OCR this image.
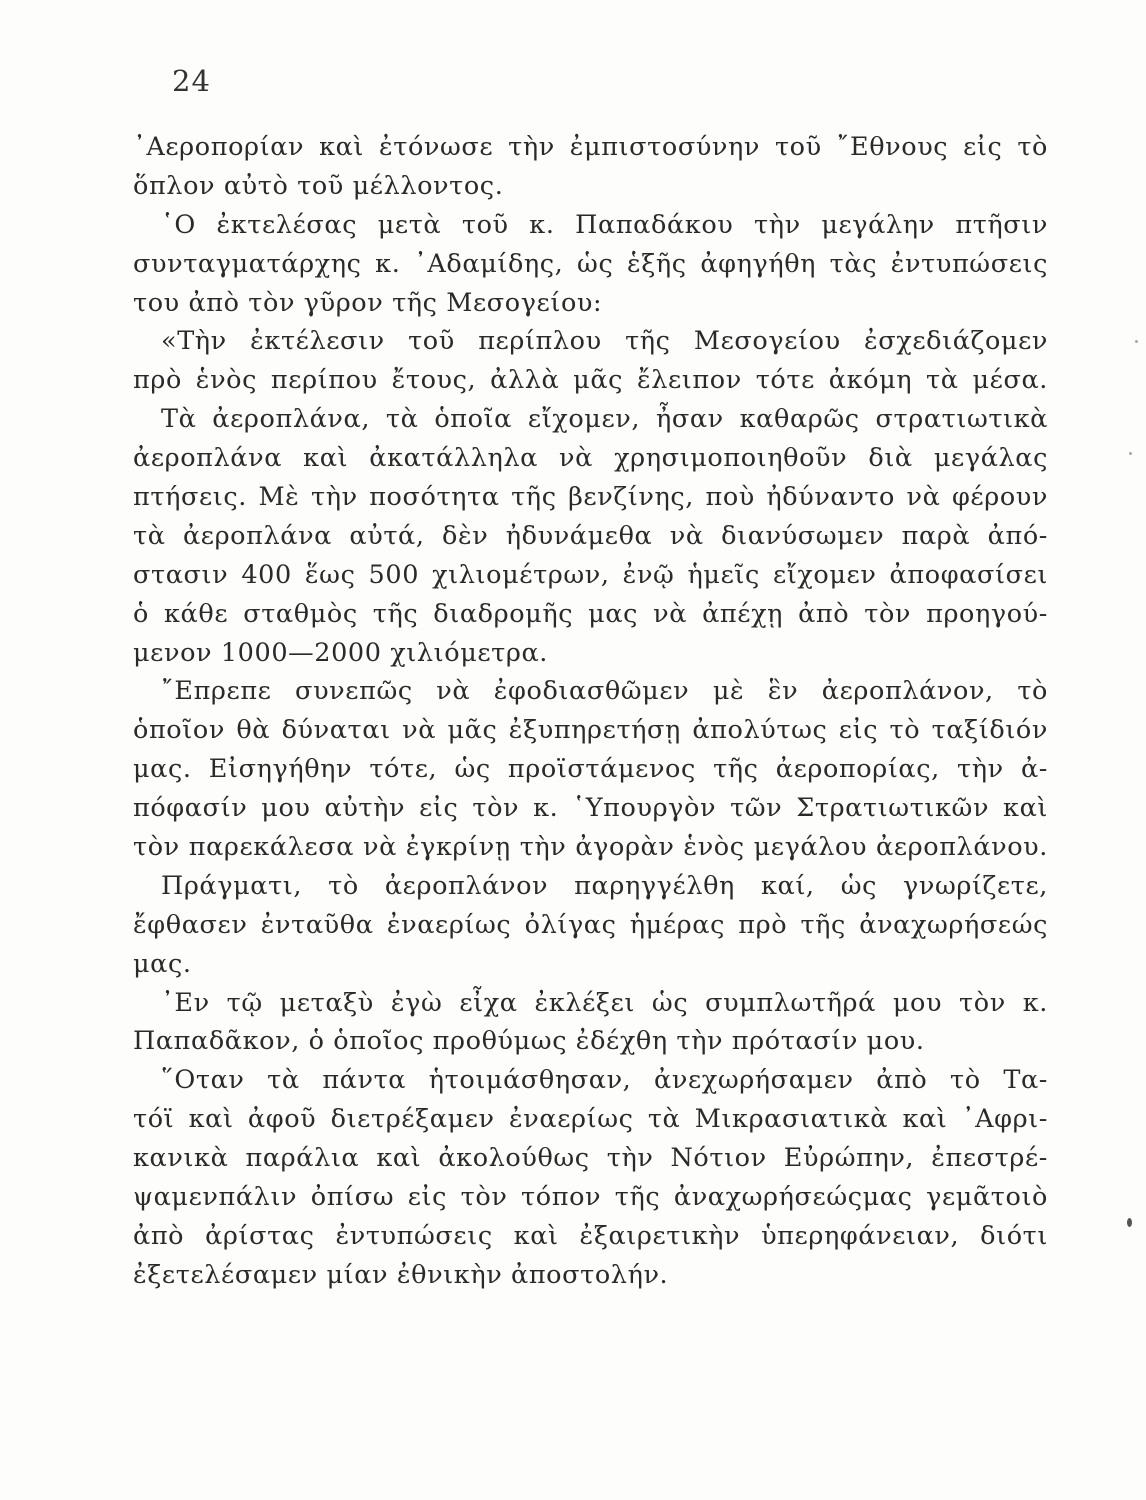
24
᾿Αεροπορίαν καὶ ἐτόνωσε τὴν ἐμπιστοσύνην τοῦ ῎Εθνους εἰς τὸ
ὅπλον αὐτὸ τοῦ μέλλοντος.
῾Ο ἐκτελέσας μετὰ τοῦ κ. Παπαδάκου τὴν μεγάλην πτῆσιν
συνταγματάρχης κ. ᾿Αδαμίδης, ὡς ἑξῆς ἀφηγήθη τὰς ἐντυπώσεις
του ἀπὸ τὸν γῦρον τῆς Μεσογείου:
«Τὴν ἐκτέλεσιν τοῦ περίπλου τῆς Μεσογείου ἐσχεδιάζομεν
πρὸ ἑνὸς περίπου ἔτους, ἀλλὰ μᾶς ἔλειπον τότε ἀκόμη τὰ μέσα.
Τὰ ἀεροπλάνα, τὰ ὁποῖα εἴχομεν, ἦσαν καθαρῶς στρατιωτικὰ
ἀεροπλάνα καὶ ἀκατάλληλα νὰ χρησιμοποιηθοῦν διὰ μεγάλας
πτήσεις. Μὲ τὴν ποσότητα τῆς βενζίνης, ποὺ ἠδύναντο νὰ φέρουν
τὰ ἀεροπλάνα αὐτά, δὲν ἠδυνάμεθα νὰ διανύσωμεν παρὰ ἀπό-
στασιν 400 ἕως 500 χιλιομέτρων, ἐνῷ ἡμεῖς εἴχομεν ἀποφασίσει
ὁ κάθε σταθμὸς τῆς διαδρομῆς μας νὰ ἀπέχῃ ἀπὸ τὸν προηγού-
μενον 1000—2000 χιλιόμετρα.
῎Επρεπε συνεπῶς νὰ ἐφοδιασθῶμεν μὲ ἓν ἀεροπλάνον, τὸ
ὁποῖον θὰ δύναται νὰ μᾶς ἐξυπηρετήσῃ ἀπολύτως εἰς τὸ ταξίδιόν
μας. Εἰσηγήθην τότε, ὡς προϊστάμενος τῆς ἀεροπορίας, τὴν ἀ-
πόφασίν μου αὐτὴν εἰς τὸν κ. ῾Υπουργὸν τῶν Στρατιωτικῶν καὶ
τὸν παρεκάλεσα νὰ ἐγκρίνῃ τὴν ἀγορὰν ἑνὸς μεγάλου ἀεροπλάνου.
Πράγματι, τὸ ἀεροπλάνον παρηγγέλθη καί, ὡς γνωρίζετε,
ἔφθασεν ἐνταῦθα ἐναερίως ὀλίγας ἡμέρας πρὸ τῆς ἀναχωρήσεώς
μας.
᾿Εν τῷ μεταξὺ ἐγὼ εἶχα ἐκλέξει ὡς συμπλωτῆρά μου τὸν κ.
Παπαδᾶκον, ὁ ὁποῖος προθύμως ἐδέχθη τὴν πρότασίν μου.
῞Οταν τὰ πάντα ἡτοιμάσθησαν, ἀνεχωρήσαμεν ἀπὸ τὸ Τα-
τόϊ καὶ ἀφοῦ διετρέξαμεν ἐναερίως τὰ Μικρασιατικὰ καὶ ᾿Αφρι-
κανικὰ παράλια καὶ ἀκολούθως τὴν Νότιον Εὐρώπην, ἐπεστρέ-
ψαμενπάλιν ὀπίσω εἰς τὸν τόπον τῆς ἀναχωρήσεώςμας γεμᾶτοιὸ
ἀπὸ ἀρίστας ἐντυπώσεις καὶ ἐξαιρετικὴν ὑπερηφάνειαν, διότι
ἐξετελέσαμεν μίαν ἐθνικὴν ἀποστολήν.
